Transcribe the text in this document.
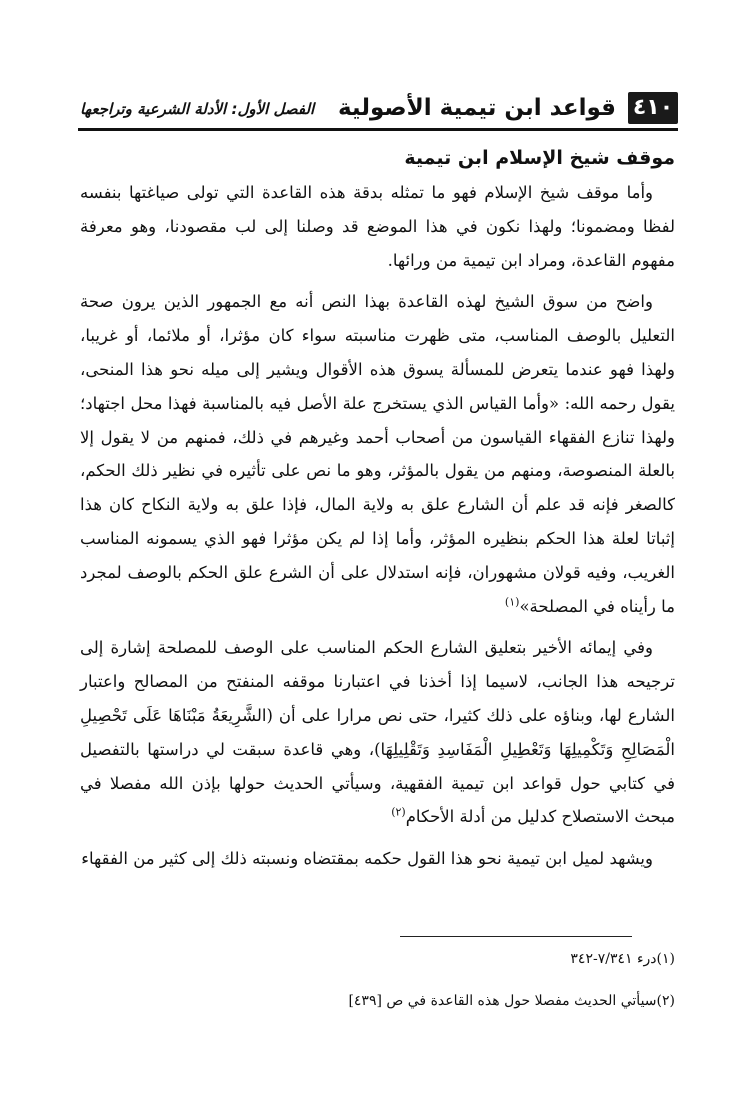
٤١٠
قواعد ابن تيمية الأصولية
الفصل الأول: الأدلة الشرعية وتراجعها
موقف شيخ الإسلام ابن تيمية

وأما موقف شيخ الإسلام فهو ما تمثله بدقة هذه القاعدة التي تولى صياغتها بنفسه لفظا ومضمونا؛ ولهذا نكون في هذا الموضع قد وصلنا إلى لب مقصودنا، وهو معرفة مفهوم القاعدة، ومراد ابن تيمية من ورائها.

واضح من سوق الشيخ لهذه القاعدة بهذا النص أنه مع الجمهور الذين يرون صحة التعليل بالوصف المناسب، متى ظهرت مناسبته سواء كان مؤثرا، أو ملائما، أو غريبا، ولهذا فهو عندما يتعرض للمسألة يسوق هذه الأقوال ويشير إلى ميله نحو هذا المنحى، يقول رحمه الله: «وأما القياس الذي يستخرج علة الأصل فيه بالمناسبة فهذا محل اجتهاد؛ ولهذا تنازع الفقهاء القياسون من أصحاب أحمد وغيرهم في ذلك، فمنهم من لا يقول إلا بالعلة المنصوصة، ومنهم من يقول بالمؤثر، وهو ما نص على تأثيره في نظير ذلك الحكم، كالصغر فإنه قد علم أن الشارع علق به ولاية المال، فإذا علق به ولاية النكاح كان هذا إثباتا لعلة هذا الحكم بنظيره المؤثر، وأما إذا لم يكن مؤثرا فهو الذي يسمونه المناسب الغريب، وفيه قولان مشهوران، فإنه استدلال على أن الشرع علق الحكم بالوصف لمجرد ما رأيناه في المصلحة»$^{(١)}$

وفي إيمائه الأخير بتعليق الشارع الحكم المناسب على الوصف للمصلحة إشارة إلى ترجيحه هذا الجانب، لاسيما إذا أخذنا في اعتبارنا موقفه المنفتح من المصالح واعتبار الشارع لها، وبناؤه على ذلك كثيرا، حتى نص مرارا على أن (الشَّرِيعَةُ مَبْنَاهَا عَلَى تَحْصِيلِ الْمَصَالِحِ وَتَكْمِيلِهَا وَتَعْطِيلِ الْمَفَاسِدِ وَتَقْلِيلِهَا)، وهي قاعدة سبقت لي دراستها بالتفصيل في كتابي حول قواعد ابن تيمية الفقهية، وسيأتي الحديث حولها بإذن الله مفصلا في مبحث الاستصلاح كدليل من أدلة الأحكام$^{(٢)}$

ويشهد لميل ابن تيمية نحو هذا القول حكمه بمقتضاه ونسبته ذلك إلى كثير من الفقهاء

(١)درء ٧/٣٤١-٣٤٢
(٢)سيأتي الحديث مفصلا حول هذه القاعدة في ص [٤٣٩]
